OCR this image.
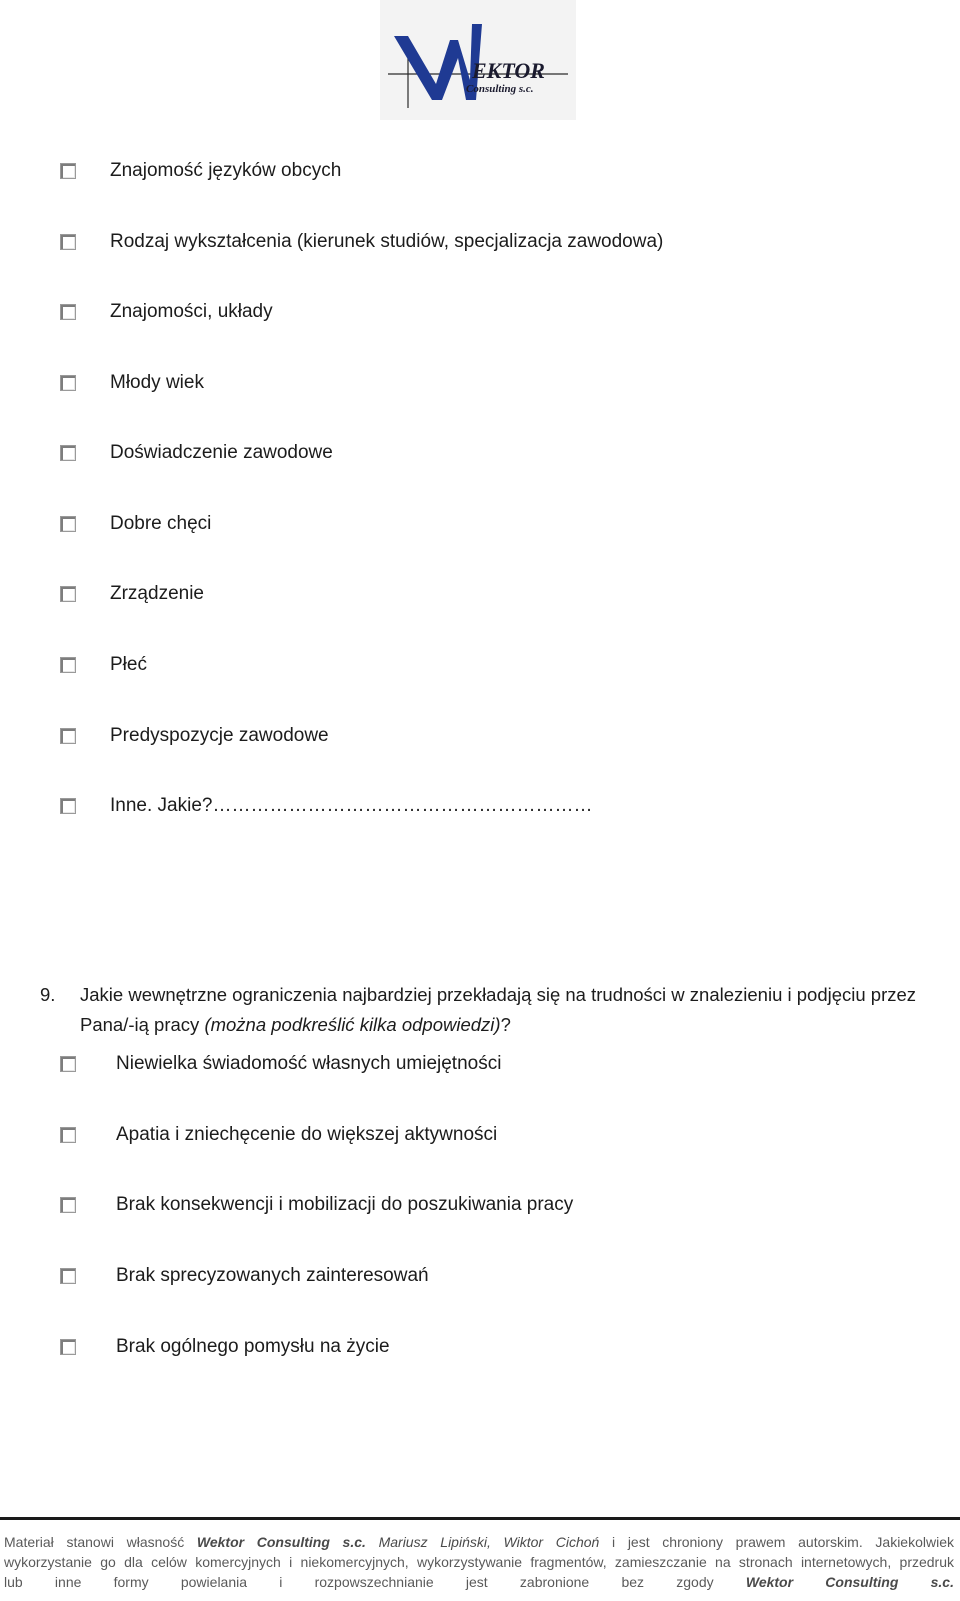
EKTOR
Consulting s.c.
Znajomość języków obcych
Rodzaj wykształcenia (kierunek studiów, specjalizacja zawodowa)
Znajomości, układy
Młody wiek
Doświadczenie zawodowe
Dobre chęci
Zrządzenie
Płeć
Predyspozycje zawodowe
Inne. Jakie?……………………………………………………
9. Jakie wewnętrzne ograniczenia najbardziej przekładają się na trudności w znalezieniu i podjęciu przez Pana/-ią pracy (można podkreślić kilka odpowiedzi)?
Niewielka świadomość własnych umiejętności
Apatia i zniechęcenie do większej aktywności
Brak konsekwencji i mobilizacji do poszukiwania pracy
Brak sprecyzowanych zainteresowań
Brak ogólnego pomysłu na życie
Materiał stanowi własność Wektor Consulting s.c. Mariusz Lipiński, Wiktor Cichoń i jest chroniony prawem autorskim. Jakiekolwiek
wykorzystanie go dla celów komercyjnych i niekomercyjnych, wykorzystywanie fragmentów, zamieszczanie na stronach internetowych, przedruk
lub inne formy powielania i rozpowszechnianie jest zabronione bez zgody Wektor Consulting s.c.
